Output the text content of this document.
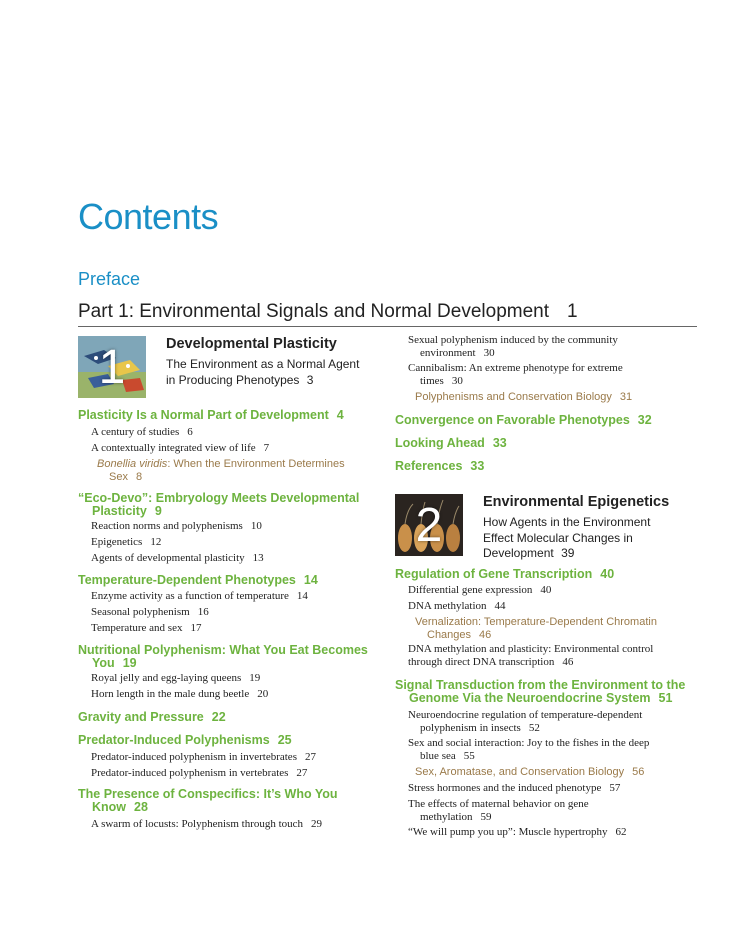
Contents
Preface
Part 1: Environmental Signals and Normal Development 1
1	Developmental Plasticity
The Environment as a Normal Agent
in Producing Phenotypes 3
Plasticity Is a Normal Part of Development 4
A century of studies 6
A contextually integrated view of life 7
Bonellia viridis: When the Environment Determines
Sex 8
“Eco-Devo”: Embryology Meets Developmental
Plasticity 9
Reaction norms and polyphenisms 10
Epigenetics 12
Agents of developmental plasticity 13
Temperature-Dependent Phenotypes 14
Enzyme activity as a function of temperature 14
Seasonal polyphenism 16
Temperature and sex 17
Nutritional Polyphenism: What You Eat Becomes
You 19
Royal jelly and egg-laying queens 19
Horn length in the male dung beetle 20
Gravity and Pressure 22
Predator-Induced Polyphenisms 25
Predator-induced polyphenism in invertebrates 27
Predator-induced polyphenism in vertebrates 27
The Presence of Conspecifics: It’s Who You
Know 28
A swarm of locusts: Polyphenism through touch 29
Sexual polyphenism induced by the community
environment 30
Cannibalism: An extreme phenotype for extreme
times 30
Polyphenisms and Conservation Biology 31
Convergence on Favorable Phenotypes 32
Looking Ahead 33
References 33
2	Environmental Epigenetics
How Agents in the Environment
Effect Molecular Changes in
Development 39
Regulation of Gene Transcription 40
Differential gene expression 40
DNA methylation 44
Vernalization: Temperature-Dependent Chromatin
Changes 46
DNA methylation and plasticity: Environmental control
through direct DNA transcription 46
Signal Transduction from the Environment to the
Genome Via the Neuroendocrine System 51
Neuroendocrine regulation of temperature-dependent
polyphenism in insects 52
Sex and social interaction: Joy to the fishes in the deep
blue sea 55
Sex, Aromatase, and Conservation Biology 56
Stress hormones and the induced phenotype 57
The effects of maternal behavior on gene
methylation 59
“We will pump you up”: Muscle hypertrophy 62
